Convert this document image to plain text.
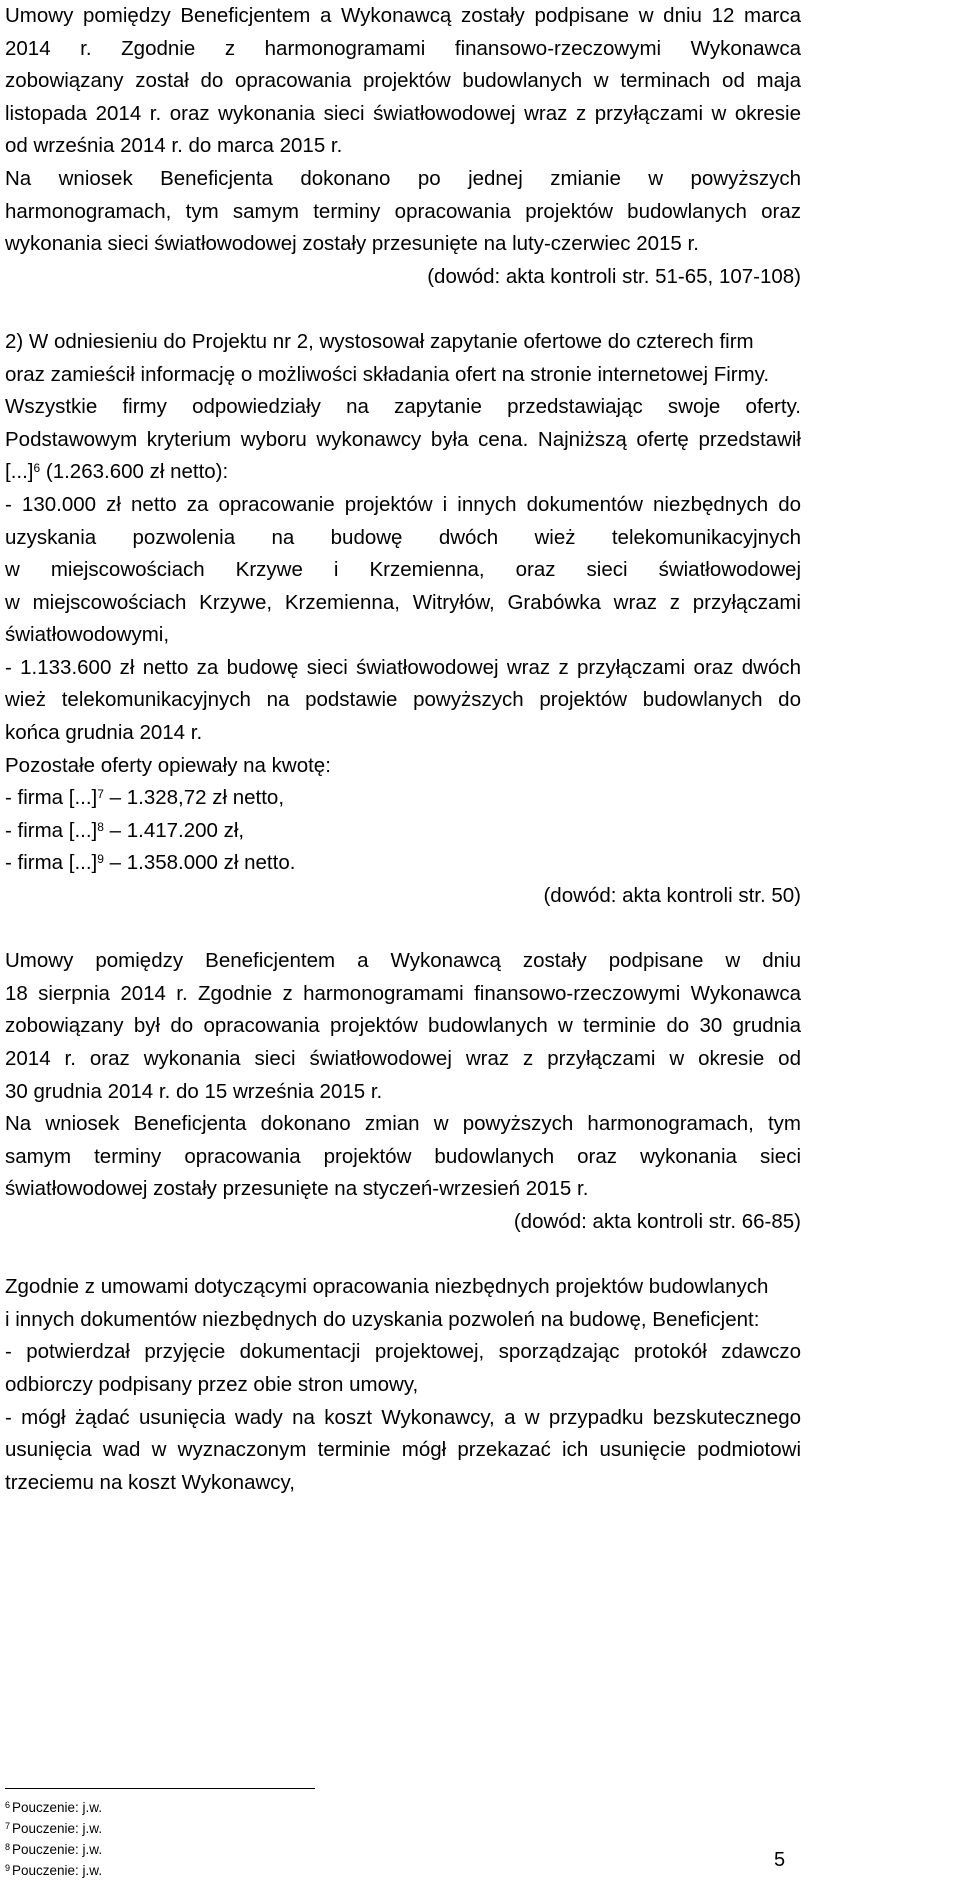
Umowy pomiędzy Beneficjentem a Wykonawcą zostały podpisane w dniu 12 marca
2014 r. Zgodnie z harmonogramami finansowo-rzeczowymi Wykonawca
zobowiązany został do opracowania projektów budowlanych w terminach od maja
listopada 2014 r. oraz wykonania sieci światłowodowej wraz z przyłączami w okresie
od września 2014 r. do marca 2015 r.
Na wniosek Beneficjenta dokonano po jednej zmianie w powyższych
harmonogramach, tym samym terminy opracowania projektów budowlanych oraz
wykonania sieci światłowodowej zostały przesunięte na luty-czerwiec 2015 r.
(dowód: akta kontroli str. 51-65, 107-108)
2) W odniesieniu do Projektu nr 2, wystosował zapytanie ofertowe do czterech firm
oraz zamieścił informację o możliwości składania ofert na stronie internetowej Firmy.
Wszystkie firmy odpowiedziały na zapytanie przedstawiając swoje oferty.
Podstawowym kryterium wyboru wykonawcy była cena. Najniższą ofertę przedstawił
[...]$^6$ (1.263.600 zł netto):
- 130.000 zł netto za opracowanie projektów i innych dokumentów niezbędnych do
uzyskania pozwolenia na budowę dwóch wież telekomunikacyjnych
w miejscowościach Krzywe i Krzemienna, oraz sieci światłowodowej
w miejscowościach Krzywe, Krzemienna, Witryłów, Grabówka wraz z przyłączami
światłowodowymi,
- 1.133.600 zł netto za budowę sieci światłowodowej wraz z przyłączami oraz dwóch
wież telekomunikacyjnych na podstawie powyższych projektów budowlanych do
końca grudnia 2014 r.
Pozostałe oferty opiewały na kwotę:
- firma [...]$^7$ – 1.328,72 zł netto,
- firma [...]$^8$ – 1.417.200 zł,
- firma [...]$^9$ – 1.358.000 zł netto.
(dowód: akta kontroli str. 50)
Umowy pomiędzy Beneficjentem a Wykonawcą zostały podpisane w dniu
18 sierpnia 2014 r. Zgodnie z harmonogramami finansowo-rzeczowymi Wykonawca
zobowiązany był do opracowania projektów budowlanych w terminie do 30 grudnia
2014 r. oraz wykonania sieci światłowodowej wraz z przyłączami w okresie od
30 grudnia 2014 r. do 15 września 2015 r.
Na wniosek Beneficjenta dokonano zmian w powyższych harmonogramach, tym
samym terminy opracowania projektów budowlanych oraz wykonania sieci
światłowodowej zostały przesunięte na styczeń-wrzesień 2015 r.
(dowód: akta kontroli str. 66-85)
Zgodnie z umowami dotyczącymi opracowania niezbędnych projektów budowlanych
i innych dokumentów niezbędnych do uzyskania pozwoleń na budowę, Beneficjent:
- potwierdzał przyjęcie dokumentacji projektowej, sporządzając protokół zdawczo
odbiorczy podpisany przez obie stron umowy,
- mógł żądać usunięcia wady na koszt Wykonawcy, a w przypadku bezskutecznego
usunięcia wad w wyznaczonym terminie mógł przekazać ich usunięcie podmiotowi
trzeciemu na koszt Wykonawcy,
$^6$ Pouczenie: j.w.
$^7$ Pouczenie: j.w.
$^8$ Pouczenie: j.w.
$^9$ Pouczenie: j.w.	5
